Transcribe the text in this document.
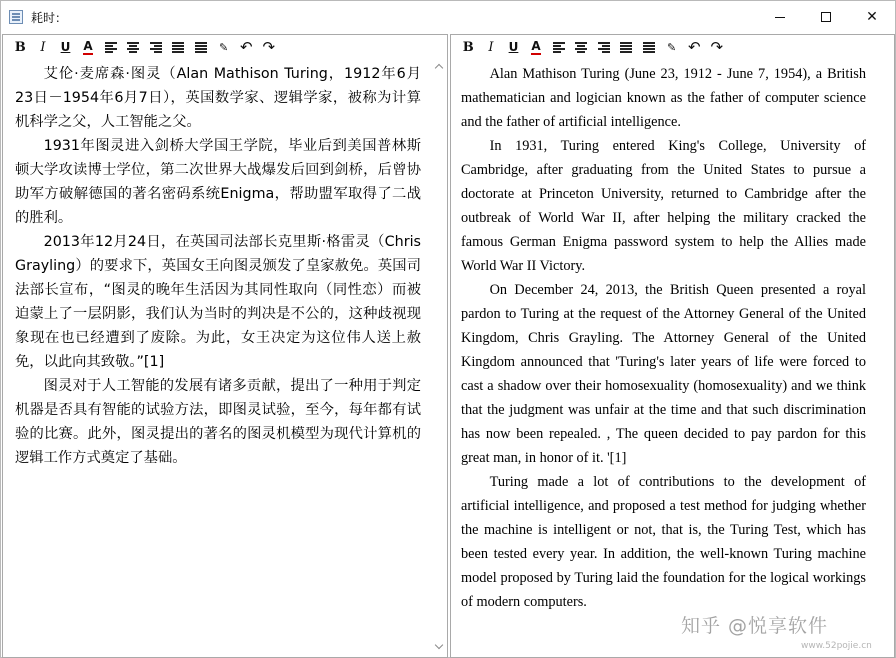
耗时：	✕
B	I	U	A	✎ ↶ ↷

艾伦·麦席森·图灵（Alan Mathison Turing，1912年6月23日－1954年6月7日），英国数学家、逻辑学家，被称为计算机科学之父，人工智能之父。

1931年图灵进入剑桥大学国王学院，毕业后到美国普林斯顿大学攻读博士学位，第二次世界大战爆发后回到剑桥，后曾协助军方破解德国的著名密码系统Enigma，帮助盟军取得了二战的胜利。

2013年12月24日，在英国司法部长克里斯·格雷灵（Chris Grayling）的要求下，英国女王向图灵颁发了皇家赦免。英国司法部长宣布，“图灵的晚年生活因为其同性取向（同性恋）而被迫蒙上了一层阴影，我们认为当时的判决是不公的，这种歧视现象现在也已经遭到了废除。为此，女王决定为这位伟人送上赦免，以此向其致敬。”[1]

图灵对于人工智能的发展有诸多贡献，提出了一种用于判定机器是否具有智能的试验方法，即图灵试验，至今，每年都有试验的比赛。此外，图灵提出的著名的图灵机模型为现代计算机的逻辑工作方式奠定了基础。

B	I	U	A	✎ ↶ ↷

Alan Mathison Turing (June 23, 1912 - June 7, 1954), a British mathematician and logician known as the father of computer science and the father of artificial intelligence.

In 1931, Turing entered King's College, University of Cambridge, after graduating from the United States to pursue a doctorate at Princeton University, returned to Cambridge after the outbreak of World War II, after helping the military cracked the famous German Enigma password system to help the Allies made World War II Victory.

On December 24, 2013, the British Queen presented a royal pardon to Turing at the request of the Attorney General of the United Kingdom, Chris Grayling. The Attorney General of the United Kingdom announced that 'Turing's later years of life were forced to cast a shadow over their homosexuality (homosexuality) and we think that the judgment was unfair at the time and that such discrimination has now been repealed. , The queen decided to pay pardon for this great man, in honor of it. '[1]

Turing made a lot of contributions to the development of artificial intelligence, and proposed a test method for judging whether the machine is intelligent or not, that is, the Turing Test, which has been tested every year. In addition, the well-known Turing machine model proposed by Turing laid the foundation for the logical workings of modern computers.

知乎 @悦享软件
www.52pojie.cn
